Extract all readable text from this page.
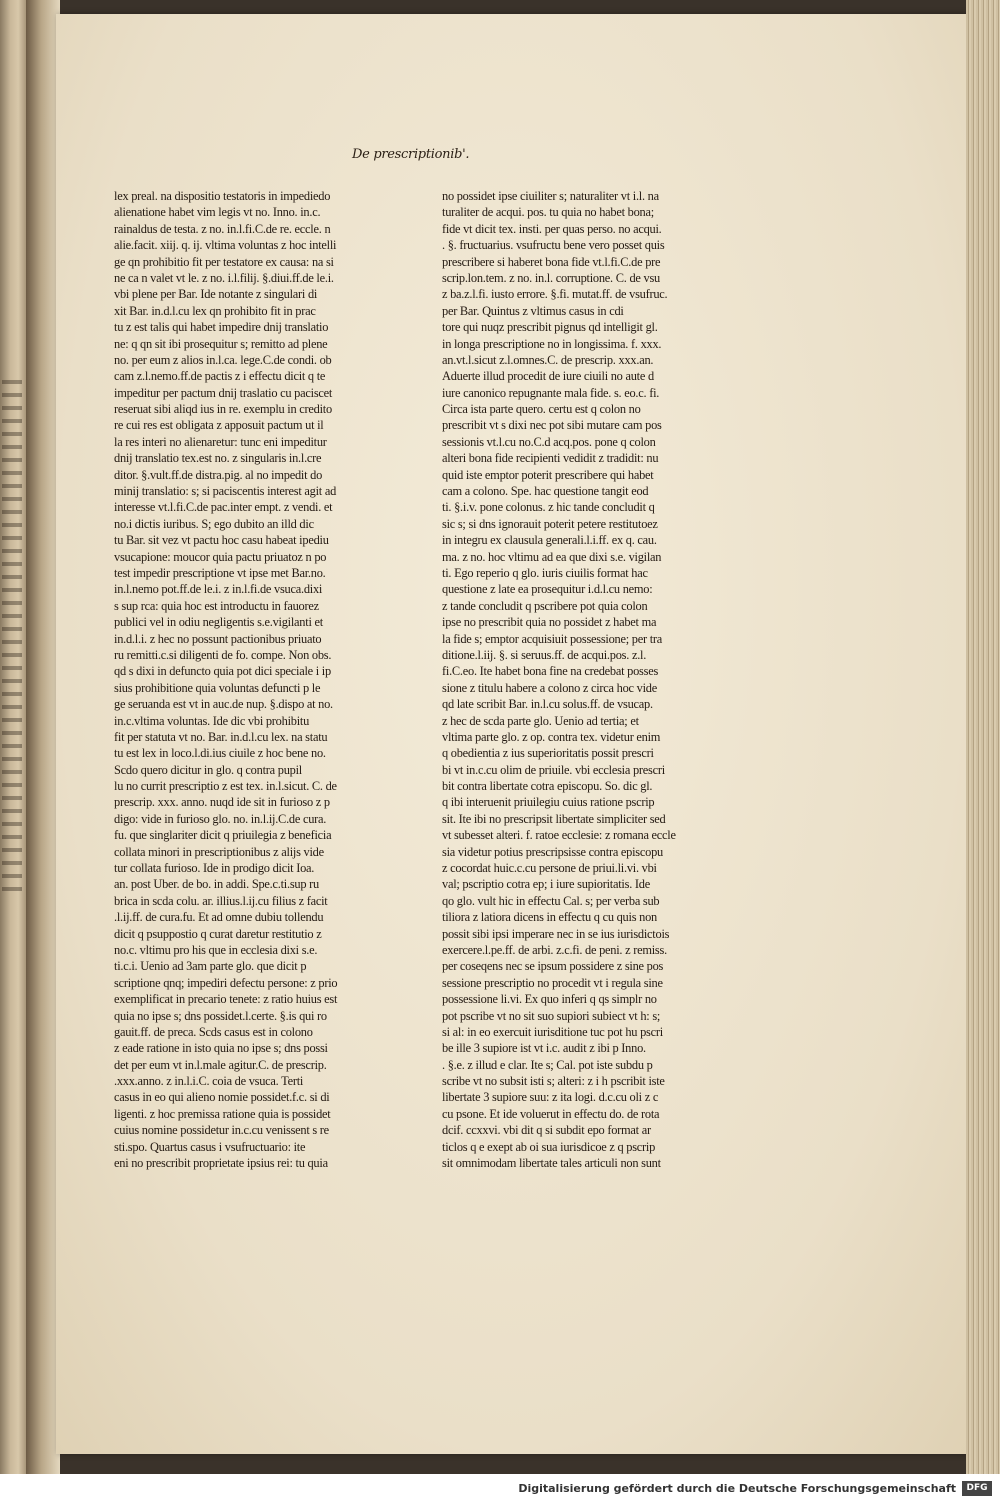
De prescriptionib'.
lex preal. na dispositio testatoris in impediedo
alienatione habet vim legis vt no. Inno. in.c.
rainaldus de testa. z no. in.l.fi.C.de re. eccle. n
alie.facit. xiij. q. ij. vltima voluntas z hoc intelli
ge qn prohibitio fit per testatore ex causa: na si
ne ca n valet vt le. z no. i.l.filij. §.diui.ff.de le.i.
vbi plene per Bar. Ide notante z singulari di
xit Bar. in.d.l.cu lex qn prohibito fit in prac
tu z est talis qui habet impedire dnij translatio
ne: q qn sit ibi prosequitur s; remitto ad plene
no. per eum z alios in.l.ca. lege.C.de condi. ob
cam z.l.nemo.ff.de pactis z i effectu dicit q te
impeditur per pactum dnij traslatio cu paciscet
reseruat sibi aliqd ius in re. exemplu in credito
re cui res est obligata z apposuit pactum ut il
la res interi no alienaretur: tunc eni impeditur
dnij translatio tex.est no. z singularis in.l.cre
ditor. §.vult.ff.de distra.pig. al no impedit do
minij translatio: s; si paciscentis interest agit ad
interesse vt.l.fi.C.de pac.inter empt. z vendi. et
no.i dictis iuribus. S; ego dubito an illd dic
tu Bar. sit vez vt pactu hoc casu habeat ipediu
vsucapione: moucor quia pactu priuatoz n po
test impedir prescriptione vt ipse met Bar.no.
in.l.nemo pot.ff.de le.i. z in.l.fi.de vsuca.dixi
s sup rca: quia hoc est introductu in fauorez
publici vel in odiu negligentis s.e.vigilanti et
in.d.l.i. z hec no possunt pactionibus priuato
ru remitti.c.si diligenti de fo. compe. Non obs.
qd s dixi in defuncto quia pot dici speciale i ip
sius prohibitione quia voluntas defuncti p le
ge seruanda est vt in auc.de nup. §.dispo at no.
in.c.vltima voluntas. Ide dic vbi prohibitu
fit per statuta vt no. Bar. in.d.l.cu lex. na statu
tu est lex in loco.l.di.ius ciuile z hoc bene no.
Scdo quero dicitur in glo. q contra pupil
lu no currit prescriptio z est tex. in.l.sicut. C. de
prescrip. xxx. anno. nuqd ide sit in furioso z p
digo: vide in furioso glo. no. in.l.ij.C.de cura.
fu. que singlariter dicit q priuilegia z beneficia
collata minori in prescriptionibus z alijs vide
tur collata furioso. Ide in prodigo dicit Ioa.
an. post Uber. de bo. in addi. Spe.c.ti.sup ru
brica in scda colu. ar. illius.l.ij.cu filius z facit
.l.ij.ff. de cura.fu. Et ad omne dubiu tollendu
dicit q psuppostio q curat daretur restitutio z
no.c. vltimu pro his que in ecclesia dixi s.e.
ti.c.i. Uenio ad 3am parte glo. que dicit p
scriptione qnq; impediri defectu persone: z prio
exemplificat in precario tenete: z ratio huius est
quia no ipse s; dns possidet.l.certe. §.is qui ro
gauit.ff. de preca. Scds casus est in colono
z eade ratione in isto quia no ipse s; dns possi
det per eum vt in.l.male agitur.C. de prescrip.
.xxx.anno. z in.l.i.C. coia de vsuca. Terti
casus in eo qui alieno nomie possidet.f.c. si di
ligenti. z hoc premissa ratione quia is possidet
cuius nomine possidetur in.c.cu venissent s re
sti.spo. Quartus casus i vsufructuario: ite
eni no prescribit proprietate ipsius rei: tu quia
no possidet ipse ciuiliter s; naturaliter vt i.l. na
turaliter de acqui. pos. tu quia no habet bona;
fide vt dicit tex. insti. per quas perso. no acqui.
. §. fructuarius. vsufructu bene vero posset quis
prescribere si haberet bona fide vt.l.fi.C.de pre
scrip.lon.tem. z no. in.l. corruptione. C. de vsu
z ba.z.l.fi. iusto errore. §.fi. mutat.ff. de vsufruc.
per Bar. Quintus z vltimus casus in cdi
tore qui nuqz prescribit pignus qd intelligit gl.
in longa prescriptione no in longissima. f. xxx.
an.vt.l.sicut z.l.omnes.C. de prescrip. xxx.an.
Aduerte illud procedit de iure ciuili no aute d
iure canonico repugnante mala fide. s. eo.c. fi.
Circa ista parte quero. certu est q colon no
prescribit vt s dixi nec pot sibi mutare cam pos
sessionis vt.l.cu no.C.d acq.pos. pone q colon
alteri bona fide recipienti vedidit z tradidit: nu
quid iste emptor poterit prescribere qui habet
cam a colono. Spe. hac questione tangit eod
ti. §.i.v. pone colonus. z hic tande concludit q
sic s; si dns ignorauit poterit petere restitutoez
in integru ex clausula generali.l.i.ff. ex q. cau.
ma. z no. hoc vltimu ad ea que dixi s.e. vigilan
ti. Ego reperio q glo. iuris ciuilis format hac
questione z late ea prosequitur i.d.l.cu nemo:
z tande concludit q pscribere pot quia colon
ipse no prescribit quia no possidet z habet ma
la fide s; emptor acquisiuit possessione; per tra
ditione.l.iij. §. si seruus.ff. de acqui.pos. z.l.
fi.C.eo. Ite habet bona fine na credebat posses
sione z titulu habere a colono z circa hoc vide
qd late scribit Bar. in.l.cu solus.ff. de vsucap.
z hec de scda parte glo. Uenio ad tertia; et
vltima parte glo. z op. contra tex. videtur enim
q obedientia z ius superioritatis possit prescri
bi vt in.c.cu olim de priuile. vbi ecclesia prescri
bit contra libertate cotra episcopu. So. dic gl.
q ibi interuenit priuilegiu cuius ratione pscrip
sit. Ite ibi no prescripsit libertate simpliciter sed
vt subesset alteri. f. ratoe ecclesie: z romana eccle
sia videtur potius prescripsisse contra episcopu
z cocordat huic.c.cu persone de priui.li.vi. vbi
val; pscriptio cotra ep; i iure supioritatis. Ide
qo glo. vult hic in effectu Cal. s; per verba sub
tiliora z latiora dicens in effectu q cu quis non
possit sibi ipsi imperare nec in se ius iurisdictois
exercere.l.pe.ff. de arbi. z.c.fi. de peni. z remiss.
per coseqens nec se ipsum possidere z sine pos
sessione prescriptio no procedit vt i regula sine
possessione li.vi. Ex quo inferi q qs simplr no
pot pscribe vt no sit suo supiori subiect vt h: s;
si al: in eo exercuit iurisditione tuc pot hu pscri
be ille 3 supiore ist vt i.c. audit z ibi p Inno.
. §.e. z illud e clar. Ite s; Cal. pot iste subdu p
scribe vt no subsit isti s; alteri: z i h pscribit iste
libertate 3 supiore suu: z ita logi. d.c.cu oli z c
cu psone. Et ide voluerut in effectu do. de rota
dcif. ccxxvi. vbi dit q si subdit epo format ar
ticlos q e exept ab oi sua iurisdicoe z q pscrip
sit omnimodam libertate tales articuli non sunt
Digitalisierung gefördert durch die Deutsche Forschungsgemeinschaft	DFG
